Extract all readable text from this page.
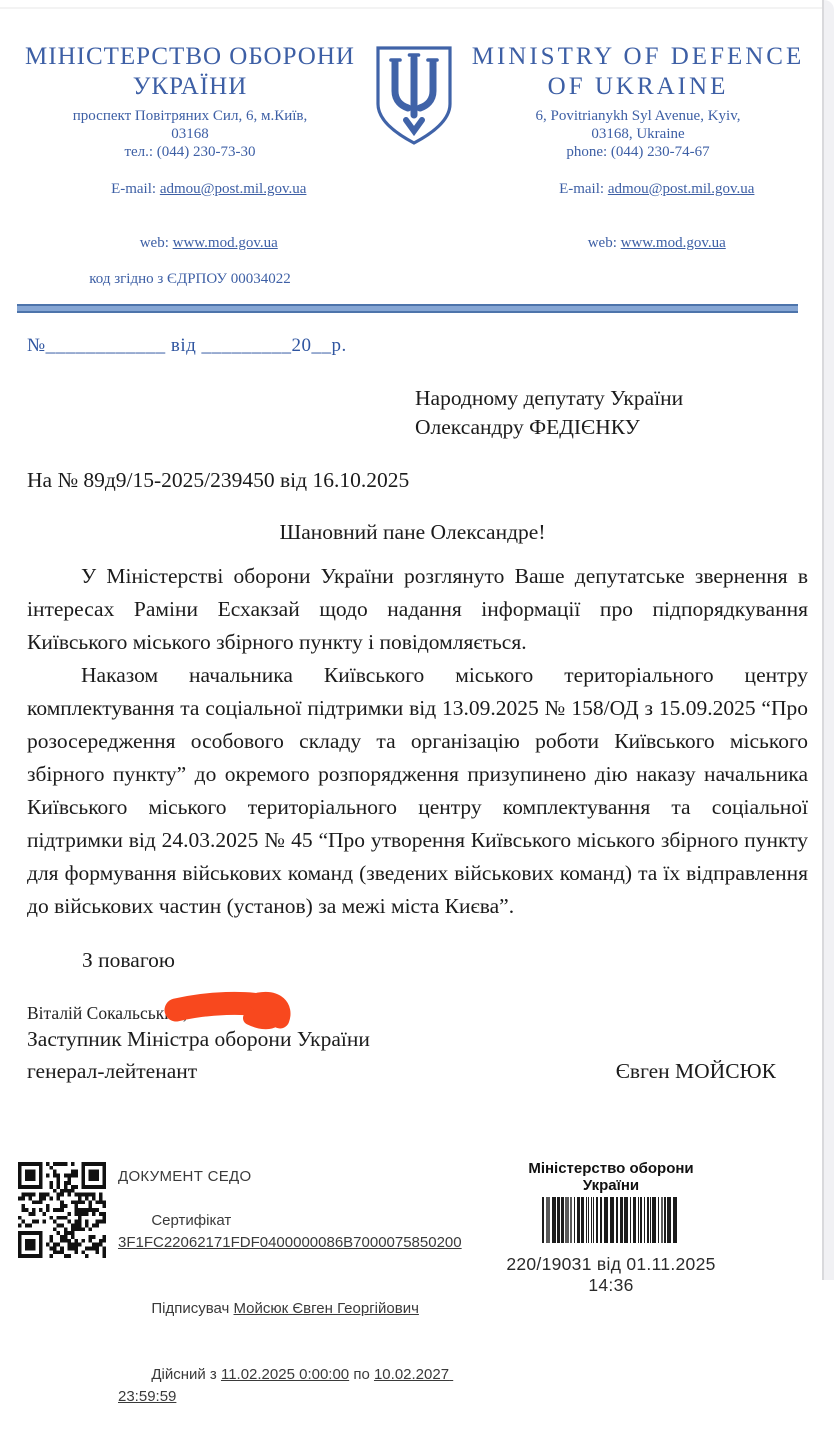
МІНІСТЕРСТВО ОБОРОНИ
УКРАЇНИ
проспект Повітряних Сил, 6, м.Київ,
03168
тел.: (044) 230-73-30

E-mail: admou@post.mil.gov.ua

web: www.mod.gov.ua

код згідно з ЄДРПОУ 00034022
MINISTRY OF DEFENCE
OF UKRAINE
6, Povitrianykh Syl Avenue, Kyiv,
03168, Ukraine
phone: (044) 230-74-67

E-mail: admou@post.mil.gov.ua

web: www.mod.gov.ua

№____________ від _________20__р.
Народному депутату України
Олександру ФЕДІЄНКУ
На № 89д9/15-2025/239450 від 16.10.2025
Шановний пане Олександре!

У Міністерстві оборони України розглянуто Ваше депутатське звернення в інтересах Раміни Есхакзай щодо надання інформації про підпорядкування Київського міського збірного пункту і повідомляється.

Наказом начальника Київського міського територіального центру комплектування та соціальної підтримки від 13.09.2025 № 158/ОД з 15.09.2025 “Про розосередження особового складу та організацію роботи Київського міського збірного пункту” до окремого розпорядження призупинено дію наказу начальника Київського міського територіального центру комплектування та соціальної підтримки від 24.03.2025 № 45 “Про утворення Київського міського збірного пункту для формування військових команд (зведених військових команд) та їх відправлення до військових частин (установ) за межі міста Києва”.

З повагою
Заступник Міністра оборони України
генерал-лейтенант	Євген МОЙСЮК
Віталій Сокальський,
ДОКУМЕНТ СЕДО

Сертифікат 3F1FC22062171FDF0400000086B7000075850200

Підписувач Мойсюк Євген Георгійович

Дійсний з 11.02.2025 0:00:00 по 10.02.2027 23:59:59

Міністерство оборони України
220/19031 від 01.11.2025 14:36
